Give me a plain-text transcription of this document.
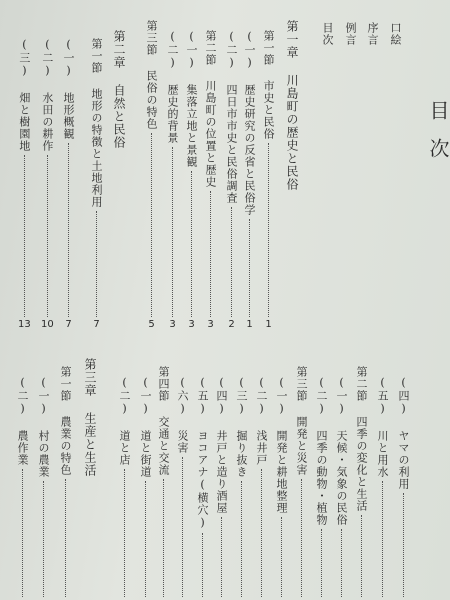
目次
口絵
序言
例言
目次
第一章 川島町の歴史と民俗
第一節 市史と民俗
1
(一) 歴史研究の反省と民俗学
1
(二) 四日市市史と民俗調査
2
第二節 川島町の位置と歴史
3
(一) 集落立地と景観
3
(二) 歴史的背景
3
第三節 民俗の特色
5
第二章 自然と民俗
第一節 地形の特徴と土地利用
7
(一) 地形概観
7
(二) 水田の耕作
10
(三) 畑と樹園地
13
(四) ヤマの利用
(五) 川と用水
第二節 四季の変化と生活
(一) 天候・気象の民俗
(二) 四季の動物・植物
第三節 開発と災害
(一) 開発と耕地整理
(二) 浅井戸
(三) 掘り抜き
(四) 井戸と造り酒屋
(五) ヨコアナ(横穴)
(六) 災害
第四節 交通と交流
(一) 道と街道
(二) 道と店
第三章 生産と生活
第一節 農業の特色
(一) 村の農業
(二) 農作業
